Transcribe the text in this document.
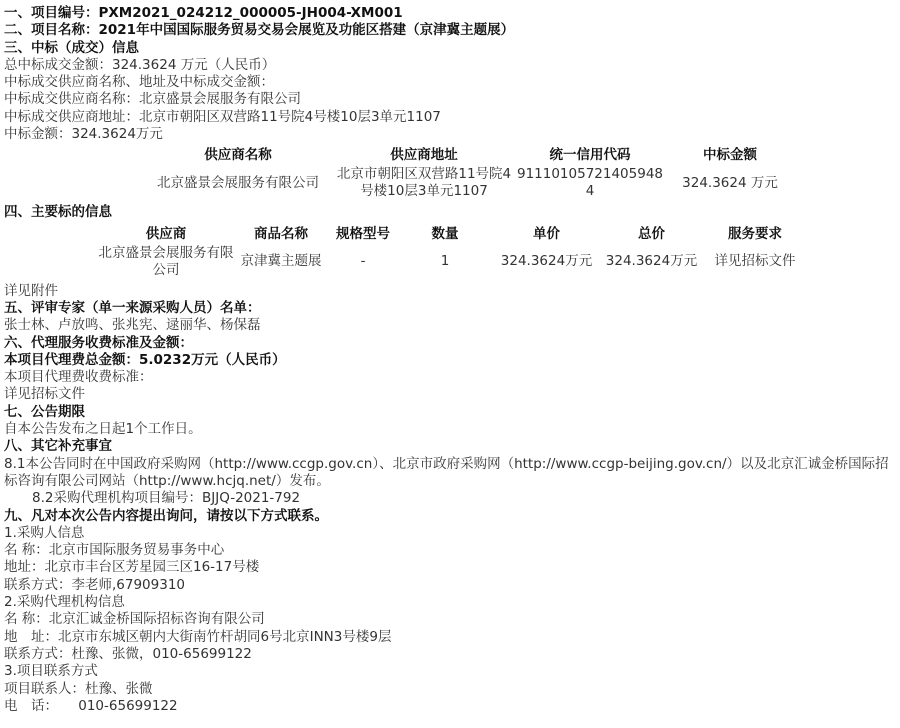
一、项目编号：PXM2021_024212_000005-JH004-XM001

二、项目名称：2021年中国国际服务贸易交易会展览及功能区搭建（京津冀主题展）

三、中标（成交）信息

总中标成交金额：324.3624 万元（人民币）

中标成交供应商名称、地址及中标成交金额：

中标成交供应商名称：北京盛景会展服务有限公司

中标成交供应商地址：北京市朝阳区双营路11号院4号楼10层3单元1107

中标金额：324.3624万元

供应商名称	供应商地址	统一信用代码	中标金额
北京盛景会展服务有限公司	北京市朝阳区双营路11号院4号楼10层3单元1107	911101057214059484	324.3624 万元

四、主要标的信息

供应商	商品名称	规格型号	数量	单价	总价	服务要求
北京盛景会展服务有限公司	京津冀主题展	-	1	324.3624万元	324.3624万元	详见招标文件

详见附件

五、评审专家（单一来源采购人员）名单：

张士林、卢放鸣、张兆宪、逯丽华、杨保磊

六、代理服务收费标准及金额：

本项目代理费总金额：5.0232万元（人民币）

本项目代理费收费标准：

详见招标文件

七、公告期限

自本公告发布之日起1个工作日。

八、其它补充事宜

8.1本公告同时在中国政府采购网（http://www.ccgp.gov.cn）、北京市政府采购网（http://www.ccgp-beijing.gov.cn/）以及北京汇诚金桥国际招标咨询有限公司网站（http://www.hcjq.net/）发布。

8.2采购代理机构项目编号：BJJQ-2021-792

九、凡对本次公告内容提出询问，请按以下方式联系。

1.采购人信息

名 称：北京市国际服务贸易事务中心

地址：北京市丰台区芳星园三区16-17号楼

联系方式：李老师,67909310

2.采购代理机构信息

名 称：北京汇诚金桥国际招标咨询有限公司

地　址：北京市东城区朝内大街南竹杆胡同6号北京INN3号楼9层

联系方式：杜豫、张微，010-65699122

3.项目联系方式

项目联系人：杜豫、张微

电　话：　　010-65699122
